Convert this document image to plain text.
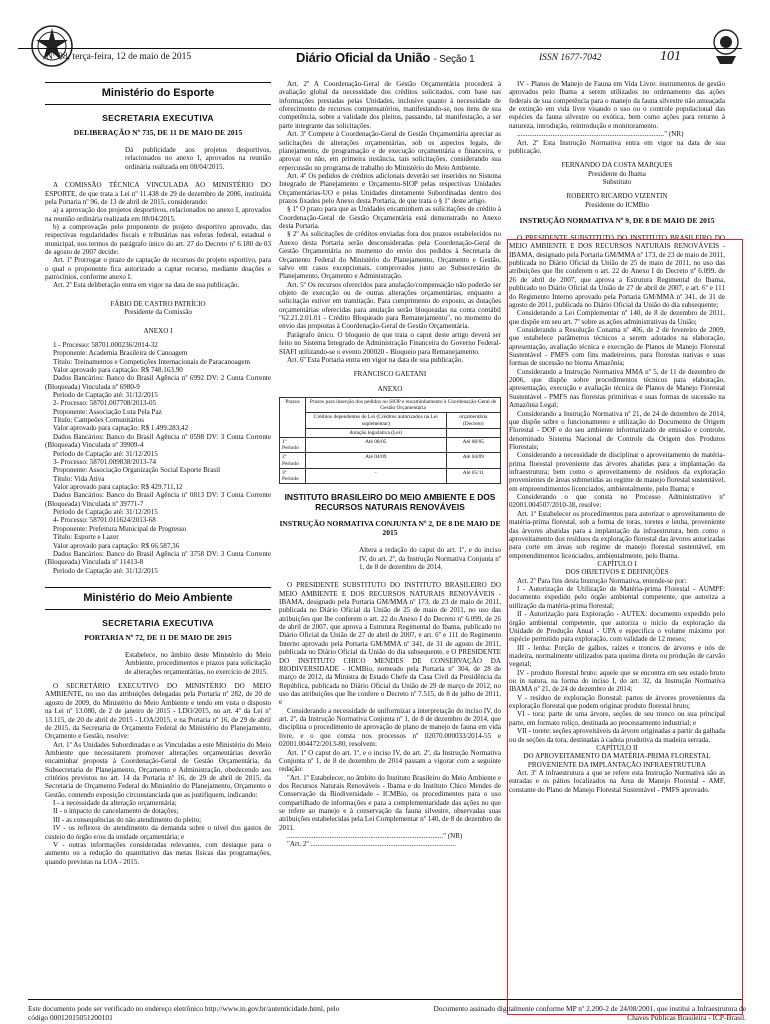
Nº 88, terça-feira, 12 de maio de 2015	Diário Oficial da União - Seção 1	ISSN 1677-7042	101
Ministério do Esporte
SECRETARIA EXECUTIVA
DELIBERAÇÃO Nº 735, DE 11 DE MAIO DE 2015
Dá publicidade aos projetos desportivos, relacionados no anexo I, aprovados na reunião ordinária realizada em 08/04/2015.
A COMISSÃO TÉCNICA VINCULADA AO MINISTÉRIO DO ESPORTE, de que trata a Lei nº 11.438 de 29 de dezembro de 2006, instituída pela Portaria nº 96, de 13 de abril de 2015, considerando:
a) a aprovação dos projetos desportivos, relacionados no anexo I, aprovados na reunião ordinária realizada em 08/04/2015.
b) a comprovação pelo proponente de projeto desportivo aprovado, das respectivas regularidades fiscais e tributárias nas esferas federal, estadual e municipal, nos termos do parágrafo único do art. 27 do Decreto nº 6.180 de 03 de agosto de 2007 decide:
Art. 1º Prorrogar o prazo de captação de recursos do projeto esportivo, para o qual o proponente fica autorizado a captar recurso, mediante doações e patrocínios, conforme anexo I.
Art. 2º Esta deliberação entra em vigor na data de sua publicação.
FÁBIO DE CASTRO PATRÍCIO
Presidente da Comissão
ANEXO I
1 - Processo: 58701.000236/2014-32
Proponente: Academia Brasileira de Canoagem
Título: Treinamentos e Competições Internacionais de Paracanoagem
Valor aprovado para captação: R$ 748.163,90
Dados Bancários: Banco do Brasil Agência nº 6992 DV: 2 Conta Corrente (Bloqueada) Vinculada nº 6980-9
Período de Captação até: 31/12/2015
2- Processo: 58701.007708/2013-05
Proponente: Associação Luta Pela Paz
Título: Campeões Comunitários
Valor aprovado para captação: R$ 1.499.283,42
Dados Bancários: Banco do Brasil Agência nº 0598 DV: 3 Conta Corrente (Bloqueada) Vinculada nº 39909-4
Período de Captação até: 31/12/2015
3- Processo: 58701.009838/2013-74
Proponente: Associação Organização Social Esporte Brasil
Título: Vida Ativa
Valor aprovado para captação: R$ 429.711,12
Dados Bancários: Banco do Brasil Agência nº 0813 DV: 3 Conta Corrente (Bloqueada) Vinculada nº 39771-7
Período de Captação até: 31/12/2015
4- Processo: 58701.011624/2013-68
Proponente: Prefeitura Municipal de Progresso
Título: Esporte e Lazer
Valor aprovado para captação: R$ 66.587,36
Dados Bancários: Banco do Brasil Agência nº 3758 DV: 3 Conta Corrente (Bloqueada) Vinculada nº 11413-8
Período de Captação até: 31/12/2015
Ministério do Meio Ambiente
SECRETARIA EXECUTIVA
PORTARIA Nº 72, DE 11 DE MAIO DE 2015
Estabelece, no âmbito deste Ministério do Meio Ambiente, procedimentos e prazos para solicitação de alterações orçamentárias, no exercício de 2015.
O SECRETÁRIO EXECUTIVO DO MINISTÉRIO DO MEIO AMBIENTE, no uso das atribuições delegadas pela Portaria nº 282, de 20 de agosto de 2009, do Ministério do Meio Ambiente e tendo em vista o disposto na Lei nº 13.080, de 2 de janeiro de 2015 - LDO/2015, no art. 4º da Lei nº 13.115, de 20 de abril de 2015 - LOA/2015, e na Portaria nº 16, de 29 de abril de 2015, da Secretaria de Orçamento Federal do Ministério do Planejamento, Orçamento e Gestão, resolve:
Art. 1º As Unidades Subordinadas e as Vinculadas a este Ministério do Meio Ambiente que necessitarem promover alterações orçamentárias deverão encaminhar proposta à Coordenação-Geral de Gestão Orçamentária, da Subsecretaria de Planejamento, Orçamento e Administração, obedecendo aos critérios previstos no art. 14 da Portaria nº 16, de 29 de abril de 2015, da Secretaria de Orçamento Federal do Ministério do Planejamento, Orçamento e Gestão, contendo exposição circunstanciada que as justifiquem, indicando:
I - a necessidade da alteração orçamentária;
II - o impacto do cancelamento de dotações;
III - as consequências do não atendimento do pleito;
IV - os reflexos do atendimento da demanda sobre o nível dos gastos de custeio do órgão e/ou da unidade orçamentária; e
V - outras informações consideradas relevantes, com destaque para o aumento ou a redução do quantitativo das metas físicas das programações, quando previstas na LOA - 2015.
Art. 2º A Coordenação-Geral de Gestão Orçamentária procederá à avaliação global da necessidade dos créditos solicitados, com base nas informações prestadas pelas Unidades, inclusive quanto à necessidade de oferecimento de recursos compensatórios, manifestando-se, nos itens de sua competência, sobre a validade dos pleitos, passando, tal manifestação, a ser parte integrante das solicitações.
Art. 3º Compete à Coordenação-Geral de Gestão Orçamentária apreciar as solicitações de alterações orçamentárias, sob os aspectos legais, de planejamento, de programação e de execução orçamentária e financeira, e aprovar ou não, em primeira instância, tais solicitações, considerando sua repercussão no programa de trabalho do Ministério do Meio Ambiente.
Art. 4º Os pedidos de créditos adicionais deverão ser inseridos no Sistema Integrado de Planejamento e Orçamento-SIOP pelas respectivas Unidades Orçamentárias-UO e pelas Unidades diretamente Subordinadas dentro dos prazos fixados pelo Anexo desta Portaria, de que trata o § 1º deste artigo.
§ 1º O prazo para que as Unidades encaminhem as solicitações de crédito à Coordenação-Geral de Gestão Orçamentária está demonstrado no Anexo desta Portaria.
§ 2º As solicitações de créditos enviadas fora dos prazos estabelecidos no Anexo desta Portaria serão desconsideradas pela Coordenação-Geral de Gestão Orçamentária no momento do envio dos pedidos à Secretaria de Orçamento Federal do Ministério do Planejamento, Orçamento e Gestão, salvo em casos excepcionais, comprovados junto ao Subsecretário de Planejamento, Orçamento e Administração.
Art. 5º Os recursos oferecidos para anulação/compensação não poderão ser objeto de execução ou de outras alterações orçamentárias, enquanto a solicitação estiver em tramitação. Para cumprimento do exposto, as dotações orçamentárias oferecidas para anulação serão bloqueadas na conta contábil "62.21.2.01.01 - Crédito Bloqueado para Remanejamento", no momento do envio das propostas à Coordenação-Geral de Gestão Orçamentária.
Parágrafo único. O bloqueio de que trata o caput deste artigo deverá ser feito no Sistema Integrado de Administração Financeira do Governo Federal-SIAFI utilizando-se o evento 200020 - Bloqueio para Remanejamento.
Art. 6º Esta Portaria entra em vigor na data de sua publicação.
FRANCISCO GAETANI
ANEXO
Prazos	Prazos para inserção dos pedidos no SIOP e encaminhamento à Coordenação-Geral de Gestão Orçamentária	
	Créditos dependentes de Lei (Créditos autorizados na Lei suplementar)	orçamentária (Decreto)
	dotação legislativa (Lei)	
1º Período	Até 08/05	Até 08/05
2º Período	Até 04/09	Até 04/09
3º Período	-	Até 05/11
INSTITUTO BRASILEIRO DO MEIO AMBIENTE E DOS RECURSOS NATURAIS RENOVÁVEIS
INSTRUÇÃO NORMATIVA CONJUNTA Nº 2, DE 8 DE MAIO DE 2015
Altera a redação do caput do art. 1º, e do inciso IV, do art. 2º, da Instrução Normativa Conjunta nº 1, de 8 de dezembro de 2014.
O PRESIDENTE SUBSTITUTO DO INSTITUTO BRASILEIRO DO MEIO AMBIENTE E DOS RECURSOS NATURAIS RENOVÁVEIS - IBAMA, designado pela Portaria GM/MMA nº 173, de 23 de maio de 2011, publicada no Diário Oficial da União de 25 de maio de 2011, no uso das atribuições que lhe conferem o art. 22 do Anexo I do Decreto nº 6.099, de 26 de abril de 2007, que aprova a Estrutura Regimental do Ibama, publicado no Diário Oficial da União de 27 de abril de 2007, e art. 6º e 111 do Regimento Interno aprovado pela Portaria GM/MMA nº 341, de 31 de agosto de 2011, publicada no Diário Oficial da União do dia subsequente, e O PRESIDENTE DO INSTITUTO CHICO MENDES DE CONSERVAÇÃO DA BIODIVERSIDADE - ICMBio, nomeado pela Portaria nº 304, de 28 de março de 2012, da Ministra de Estado Chefe da Casa Civil da Presidência da República, publicada no Diário Oficial da União de 29 de março de 2012, no uso das atribuições que lhe confere o Decreto nº 7.515, de 8 de julho de 2011, e
Considerando a necessidade de uniformizar a interpretação do inciso IV, do art. 2º, da Instrução Normativa Conjunta nº 1, de 8 de dezembro de 2014, que disciplina o procedimento de aprovação de plano de manejo de fauna em vida livre, e o que consta nos processos nº 02070.000033/2014-55 e 02001.004472/2013-80, resolvem:
Art. 1º O caput do art. 1º, e o inciso IV, do art. 2º, da Instrução Normativa Conjunta nº 1, de 8 de dezembro de 2014 passam a vigorar com a seguinte redação:
"Art. 1º Estabelecer, no âmbito do Instituto Brasileiro do Meio Ambiente e dos Recursos Naturais Renováveis - Ibama e do Instituto Chico Mendes de Conservação da Biodiversidade - ICMBio, os procedimentos para o uso compartilhado de informações e para a complementaridade das ações no que se refere ao manejo e à conservação da fauna silvestre, observadas suas atribuições estabelecidas pela Lei Complementar nº 140, de 8 de dezembro de 2011.
........................................................................................" (NR)
"Art. 2º ..................................................................................
IV - Planos de Manejo de Fauna em Vida Livre: instrumentos de gestão aprovados pelo Ibama a serem utilizados no ordenamento das ações federais de sua competência para o manejo da fauna silvestre não ameaçada de extinção em vida livre visando o uso ou o controle populacional das espécies da fauna silvestre ou exótica, bem como ações para retorno à natureza, introdução, reintrodução e monitoramento.
..................................................................................." (NR)
Art. 2º Esta Instrução Normativa entra em vigor na data de sua publicação.
FERNANDO DA COSTA MARQUES
Presidente do Ibama
Substituto
ROBERTO RICARDO VIZENTIN
Presidente do ICMBio
INSTRUÇÃO NORMATIVA Nº 9, DE 8 DE MAIO DE 2015
O PRESIDENTE SUBSTITUTO DO INSTITUTO BRASILEIRO DO MEIO AMBIENTE E DOS RECURSOS NATURAIS RENOVÁVEIS - IBAMA, designado pela Portaria GM/MMA nº 173, de 23 de maio de 2011, publicada no Diário Oficial da União de 25 de maio de 2011, no uso das atribuições que lhe conferem o art. 22 do Anexo I do Decreto nº 6.099, de 26 de abril de 2007, que aprova a Estrutura Regimental do Ibama, publicado no Diário Oficial da União de 27 de abril de 2007, e art. 6º e 111 do Regimento Interno aprovado pela Portaria GM/MMA nº 341, de 31 de agosto de 2011, publicada no Diário Oficial da União do dia subsequente;
Considerando a Lei Complementar nº 140, de 8 de dezembro de 2011, que dispõe em seu art. 7º sobre as ações administrativas da União;
Considerando a Resolução Conama nº 406, de 2 de fevereiro de 2009, que estabelece parâmetros técnicos a serem adotados na elaboração, apresentação, avaliação técnica e execução de Planos de Manejo Florestal Sustentável - PMFS com fins madeireiros, para florestas nativas e suas formas de sucessão no bioma Amazônia;
Considerando a Instrução Normativa MMA nº 5, de 11 de dezembro de 2006, que dispõe sobre procedimentos técnicos para elaboração, apresentação, execução e avaliação técnica de Planos de Manejo Florestal Sustentável - PMFS nas florestas primitivas e suas formas de sucessão na Amazônia Legal;
Considerando a Instrução Normativa nº 21, de 24 de dezembro de 2014, que dispõe sobre o funcionamento e utilização do Documento de Origem Florestal - DOF e do seu ambiente informatizado de emissão e controle, denominado Sistema Nacional de Controle da Origem dos Produtos Florestais;
Considerando a necessidade de disciplinar o aproveitamento de matéria-prima florestal proveniente das árvores abatidas para a implantação da infraestrutura; bem como o aproveitamento de resíduos da exploração provenientes de áreas submetidas ao regime de manejo florestal sustentável, em empreendimentos licenciados, ambientalmente, pelo Ibama; e
Considerando o que consta no Processo Administrativo nº 02001.004507/2010-38, resolve:
Art. 1º Estabelecer os procedimentos para autorizar o aproveitamento de matéria-prima florestal, sob a forma de toras, toretes e lenha, proveniente das árvores abatidas para a implantação da infraestrutura, bem como o aproveitamento dos resíduos da exploração florestal das árvores autorizadas para corte em áreas sob regime de manejo florestal sustentável, em empreendimentos licenciados, ambientalmente, pelo Ibama.
CAPÍTULO I
DOS OBJETIVOS E DEFINIÇÕES
Art. 2º Para fins desta Instrução Normativa, entende-se por:
I - Autorização de Utilização de Matéria-prima Florestal - AUMPF: documento expedido pelo órgão ambiental competente, que autoriza a utilização da matéria-prima florestal;
II - Autorização para Exploração - AUTEX: documento expedido pelo órgão ambiental competente, que autoriza o início da exploração da Unidade de Produção Anual - UPA e especifica o volume máximo por espécie permitido para exploração, com validade de 12 meses;
III - lenha: Porção de galhos, raízes e troncos de árvores e nós de madeira, normalmente utilizados para queima direta ou produção de carvão vegetal;
IV - produto florestal bruto: aquele que se encontra em seu estado bruto ou in natura, na forma do inciso I, do art. 32, da Instrução Normativa IBAMA nº 21, de 24 de dezembro de 2014;
V - resíduo de exploração florestal: partes de árvores provenientes da exploração florestal que podem originar produto florestal bruto;
VI - tora: parte de uma árvore, seções de seu tronco ou sua principal parte, em formato roliço, destinada ao processamento industrial; e
VII - torete: seções aproveitáveis da árvore originadas a partir da galhada ou de seções da tora, destinadas à cadeia produtiva da madeira serrada.
CAPÍTULO II
DO APROVEITAMENTO DA MATÉRIA-PRIMA FLORESTAL PROVENIENTE DA IMPLANTAÇÃO INFRAESTRUTURA
Art. 3º A infraestrutura a que se refere esta Instrução Normativa são as estradas e os pátios localizados na Área de Manejo Florestal - AMF, constante do Plano de Manejo Florestal Sustentável - PMFS aprovado.
Este documento pode ser verificado no endereço eletrônico http://www.in.gov.br/autenticidade.html, pelo código 00012015051200101
Documento assinado digitalmente conforme MP nº 2.200-2 de 24/08/2001, que institui a Infraestrutura de Chaves Públicas Brasileira - ICP-Brasil.
